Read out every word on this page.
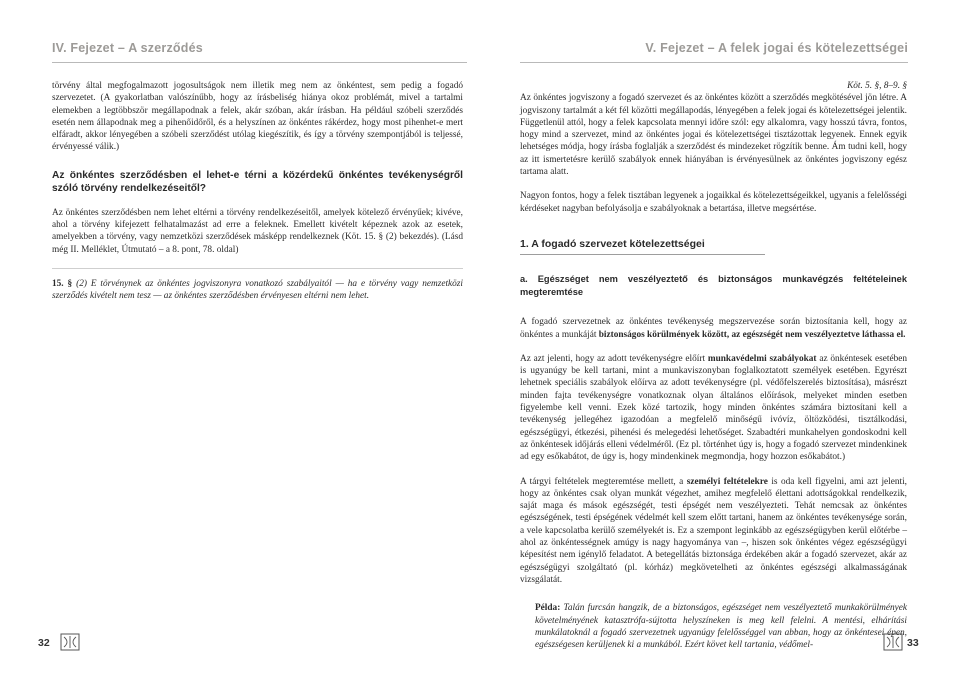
IV. Fejezet – A szerződés	V. Fejezet – A felek jogai és kötelezettségei

törvény által megfogalmazott jogosultságok nem illetik meg nem az önkéntest, sem pedig a fogadó szervezetet. (A gyakorlatban valószínűbb, hogy az írásbeliség hiánya okoz problémát, mivel a tartalmi elemekben a legtöbbször megállapodnak a felek, akár szóban, akár írásban. Ha például szóbeli szerződés esetén nem állapodnak meg a pihenőidőről, és a helyszínen az önkéntes rákérdez, hogy most pihenhet-e mert elfáradt, akkor lényegében a szóbeli szerződést utólag kiegészítik, és így a törvény szempontjából is teljessé, érvényessé válik.)

Az önkéntes szerződésben el lehet-e térni a közérdekű önkéntes tevékenységről szóló törvény rendelkezéseitől?

Az önkéntes szerződésben nem lehet eltérni a törvény rendelkezéseitől, amelyek kötelező érvényűek; kivéve, ahol a törvény kifejezett felhatalmazást ad erre a feleknek. Emellett kivételt képeznek azok az esetek, amelyekben a törvény, vagy nemzetközi szerződések másképp rendelkeznek (Köt. 15. § (2) bekezdés). (Lásd még II. Melléklet, Útmutató – a 8. pont, 78. oldal)

15. § (2) E törvénynek az önkéntes jogviszonyra vonatkozó szabályaitól — ha e törvény vagy nemzetközi szerződés kivételt nem tesz — az önkéntes szerződésben érvényesen eltérni nem lehet.

Köt. 5. §, 8–9. §

Az önkéntes jogviszony a fogadó szervezet és az önkéntes között a szerződés megkötésével jön létre. A jogviszony tartalmát a két fél közötti megállapodás, lényegében a felek jogai és kötelezettségei jelentik. Függetlenül attól, hogy a felek kapcsolata mennyi időre szól: egy alkalomra, vagy hosszú távra, fontos, hogy mind a szervezet, mind az önkéntes jogai és kötelezettségei tisztázottak legyenek. Ennek egyik lehetséges módja, hogy írásba foglalják a szerződést és mindezeket rögzítik benne. Ám tudni kell, hogy az itt ismertetésre kerülő szabályok ennek hiányában is érvényesülnek az önkéntes jogviszony egész tartama alatt.

Nagyon fontos, hogy a felek tisztában legyenek a jogaikkal és kötelezettségeikkel, ugyanis a felelősségi kérdéseket nagyban befolyásolja e szabályoknak a betartása, illetve megsértése.

1. A fogadó szervezet kötelezettségei

a. Egészséget nem veszélyeztető és biztonságos munkavégzés feltételeinek megteremtése

A fogadó szervezetnek az önkéntes tevékenység megszervezése során biztosítania kell, hogy az önkéntes a munkáját biztonságos körülmények között, az egészségét nem veszélyeztetve láthassa el.

Az azt jelenti, hogy az adott tevékenységre előírt munkavédelmi szabályokat az önkéntesek esetében is ugyanúgy be kell tartani, mint a munkaviszonyban foglalkoztatott személyek esetében. Egyrészt lehetnek speciális szabályok előírva az adott tevékenységre (pl. védőfelszerelés biztosítása), másrészt minden fajta tevékenységre vonatkoznak olyan általános előírások, melyeket minden esetben figyelembe kell venni. Ezek közé tartozik, hogy minden önkéntes számára biztosítani kell a tevékenység jellegéhez igazodóan a megfelelő minőségű ivóvíz, öltözködési, tisztálkodási, egészségügyi, étkezési, pihenési és melegedési lehetőséget. Szabadtéri munkahelyen gondoskodni kell az önkéntesek időjárás elleni védelméről. (Ez pl. történhet úgy is, hogy a fogadó szervezet mindenkinek ad egy esőkabátot, de úgy is, hogy mindenkinek megmondja, hogy hozzon esőkabátot.)

A tárgyi feltételek megteremtése mellett, a személyi feltételekre is oda kell figyelni, ami azt jelenti, hogy az önkéntes csak olyan munkát végezhet, amihez megfelelő élettani adottságokkal rendelkezik, saját maga és mások egészségét, testi épségét nem veszélyezteti. Tehát nemcsak az önkéntes egészségének, testi épségének védelmét kell szem előtt tartani, hanem az önkéntes tevékenysége során, a vele kapcsolatba kerülő személyekét is. Ez a szempont leginkább az egészségügyben kerül előtérbe – ahol az önkéntességnek amúgy is nagy hagyománya van –, hiszen sok önkéntes végez egészségügyi képesítést nem igénylő feladatot. A betegellátás biztonsága érdekében akár a fogadó szervezet, akár az egészségügyi szolgáltató (pl. kórház) megkövetelheti az önkéntes egészségi alkalmasságának vizsgálatát.

Példa: Talán furcsán hangzik, de a biztonságos, egészséget nem veszélyeztető munkakörülmények követelményének katasztrófa-sújtotta helyszíneken is meg kell felelni. A mentési, elhárítási munkálatoknál a fogadó szervezetnek ugyanúgy felelősséggel van abban, hogy az önkéntesei épen, egészségesen kerüljenek ki a munkából. Ezért követ kell tartania, védőmel-

32	33
